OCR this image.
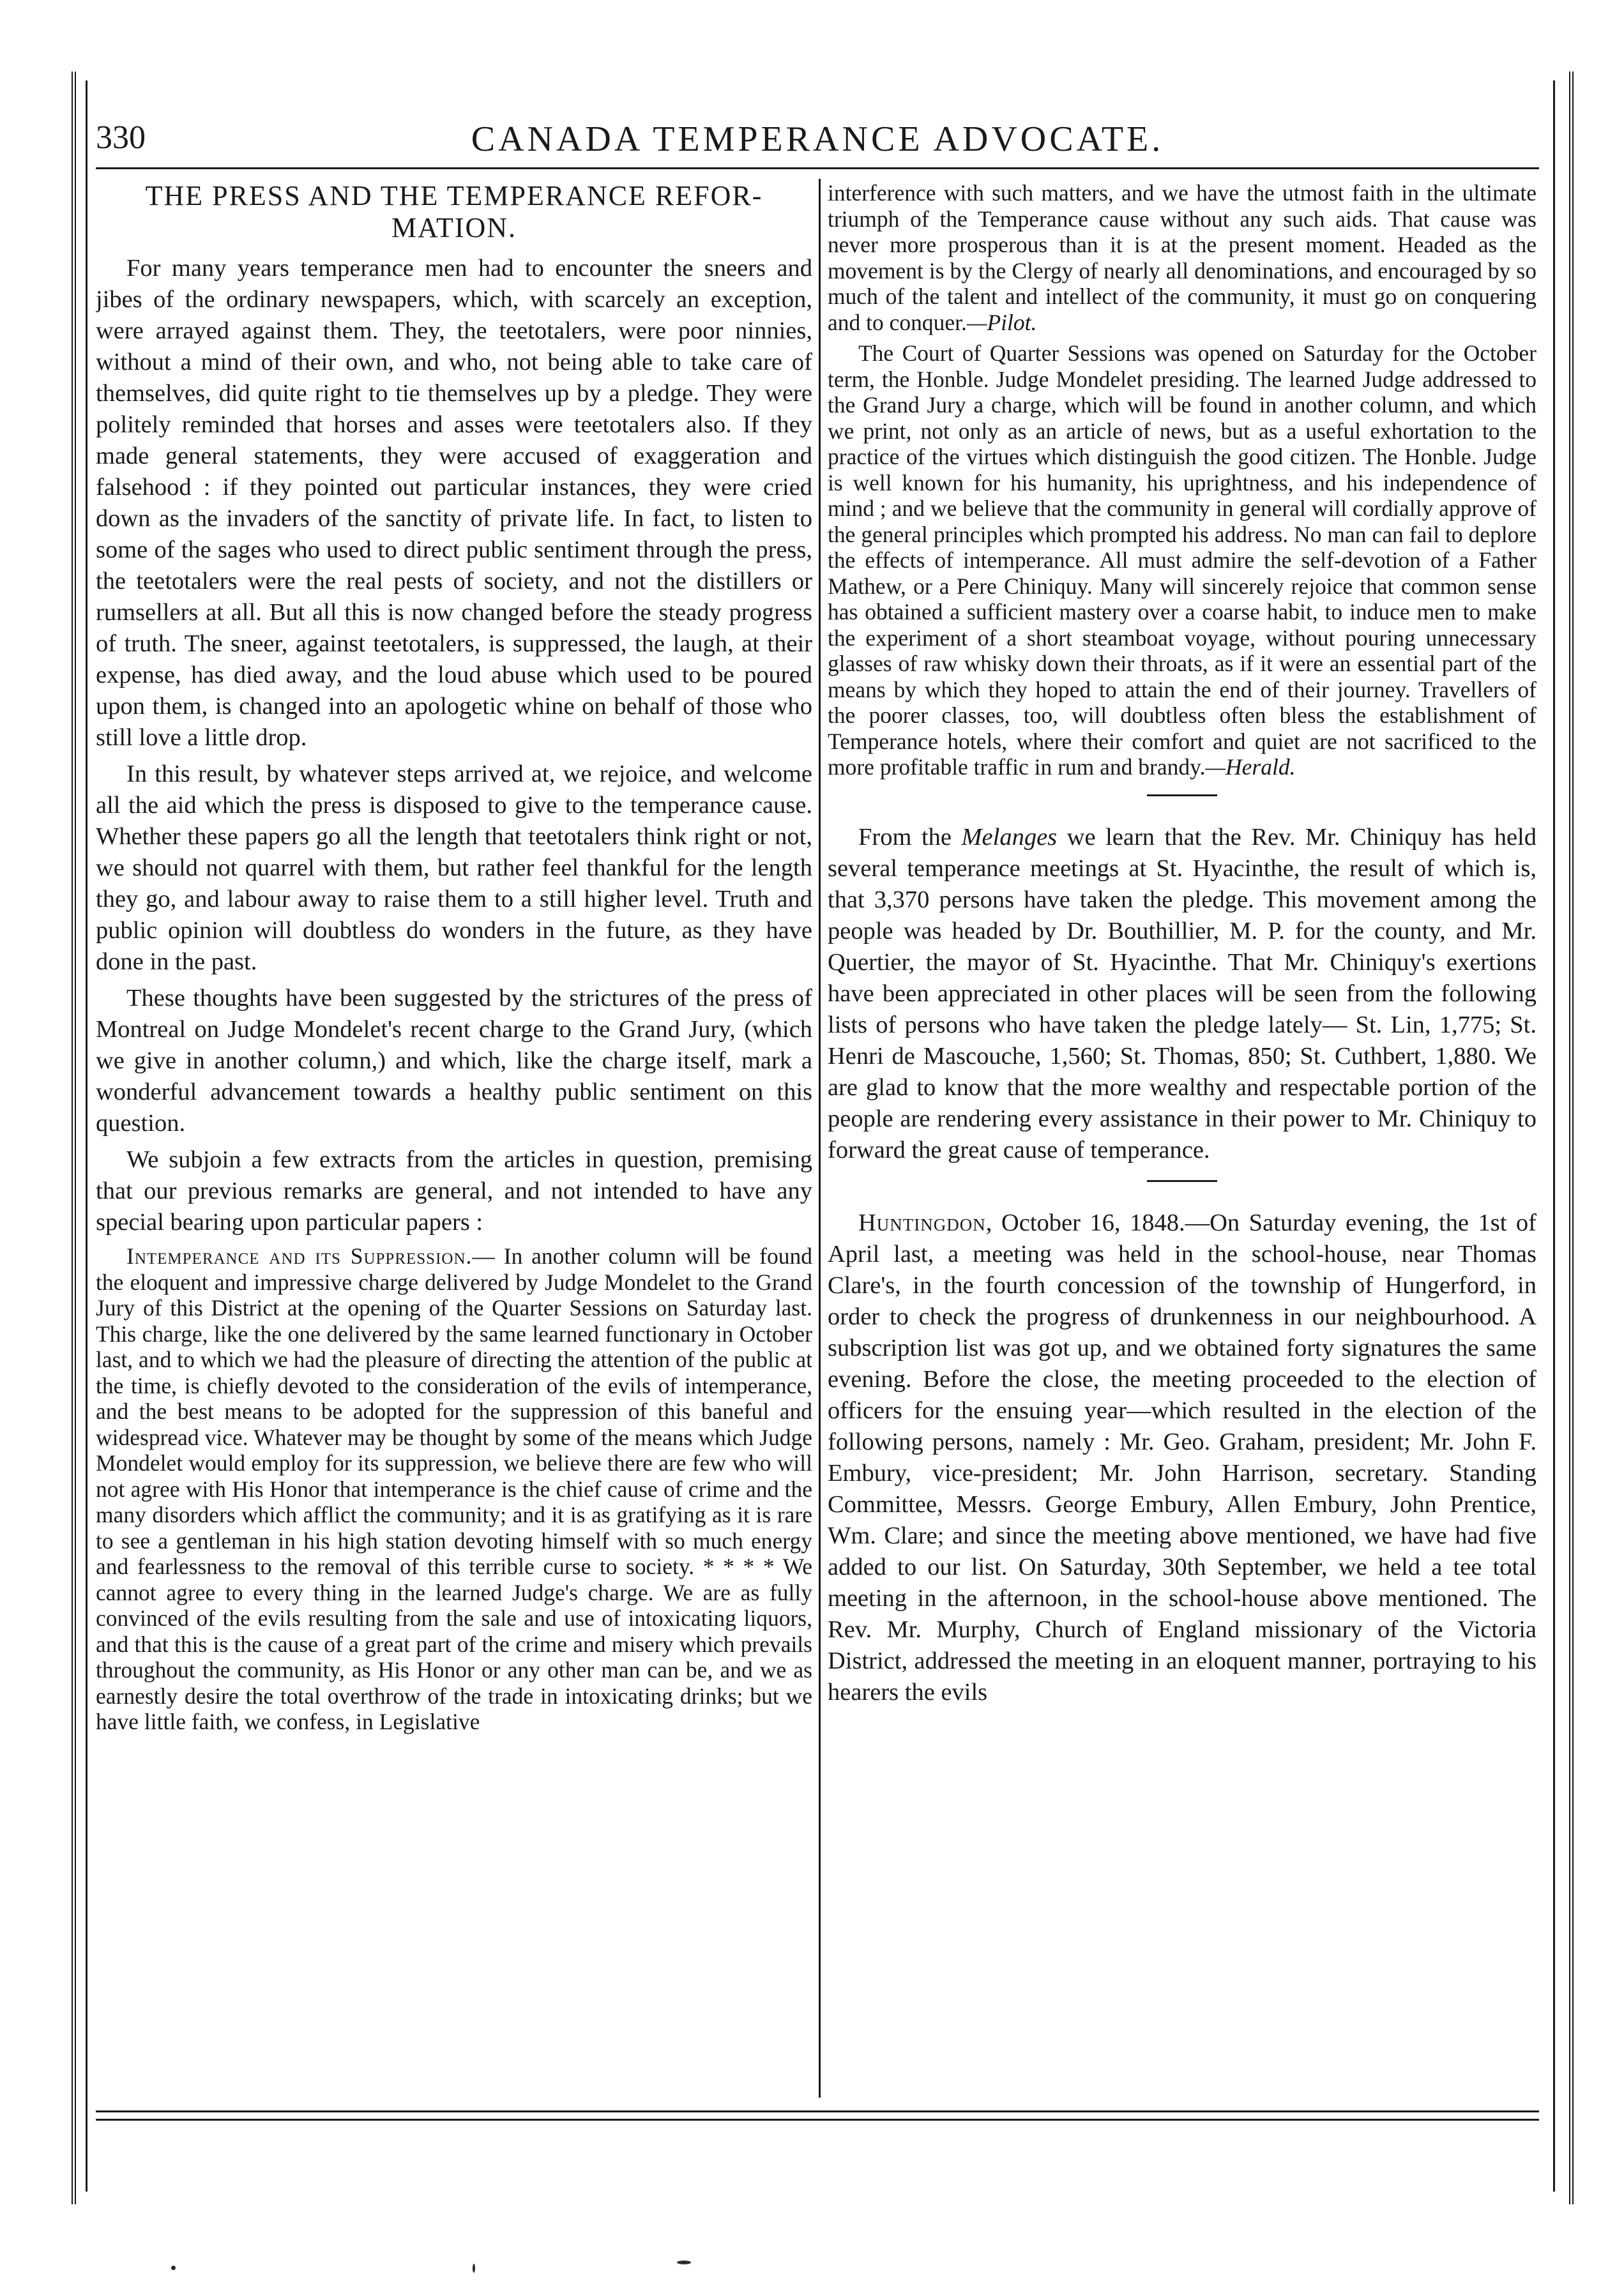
330	CANADA TEMPERANCE ADVOCATE.
THE PRESS AND THE TEMPERANCE REFOR- MATION.

For many years temperance men had to encounter the sneers and jibes of the ordinary newspapers, which, with scarcely an exception, were arrayed against them. They, the teetotalers, were poor ninnies, without a mind of their own, and who, not being able to take care of themselves, did quite right to tie themselves up by a pledge. They were politely reminded that horses and asses were teetotalers also. If they made general statements, they were accused of exaggeration and falsehood : if they pointed out particular instances, they were cried down as the invaders of the sanctity of private life. In fact, to listen to some of the sages who used to direct public sentiment through the press, the teetotalers were the real pests of society, and not the distillers or rumsellers at all. But all this is now changed before the steady progress of truth. The sneer, against teetotalers, is suppressed, the laugh, at their expense, has died away, and the loud abuse which used to be poured upon them, is changed into an apologetic whine on behalf of those who still love a little drop.

In this result, by whatever steps arrived at, we rejoice, and welcome all the aid which the press is disposed to give to the temperance cause. Whether these papers go all the length that teetotalers think right or not, we should not quarrel with them, but rather feel thankful for the length they go, and labour away to raise them to a still higher level. Truth and public opinion will doubtless do wonders in the future, as they have done in the past.

These thoughts have been suggested by the strictures of the press of Montreal on Judge Mondelet's recent charge to the Grand Jury, (which we give in another column,) and which, like the charge itself, mark a wonderful advancement towards a healthy public sentiment on this question.

We subjoin a few extracts from the articles in question, premising that our previous remarks are general, and not intended to have any special bearing upon particular papers :

Intemperance and its Suppression.— In another column will be found the eloquent and impressive charge delivered by Judge Mondelet to the Grand Jury of this District at the opening of the Quarter Sessions on Saturday last. This charge, like the one delivered by the same learned functionary in October last, and to which we had the pleasure of directing the attention of the public at the time, is chiefly devoted to the consideration of the evils of intemperance, and the best means to be adopted for the suppression of this baneful and widespread vice. Whatever may be thought by some of the means which Judge Mondelet would employ for its suppression, we believe there are few who will not agree with His Honor that intemperance is the chief cause of crime and the many disorders which afflict the community; and it is as gratifying as it is rare to see a gentleman in his high station devoting himself with so much energy and fearlessness to the removal of this terrible curse to society. * * * * We cannot agree to every thing in the learned Judge's charge. We are as fully convinced of the evils resulting from the sale and use of intoxicating liquors, and that this is the cause of a great part of the crime and misery which prevails throughout the community, as His Honor or any other man can be, and we as earnestly desire the total overthrow of the trade in intoxicating drinks; but we have little faith, we confess, in Legislative

interference with such matters, and we have the utmost faith in the ultimate triumph of the Temperance cause without any such aids. That cause was never more prosperous than it is at the present moment. Headed as the movement is by the Clergy of nearly all denominations, and encouraged by so much of the talent and intellect of the community, it must go on conquering and to conquer.—Pilot.

The Court of Quarter Sessions was opened on Saturday for the October term, the Honble. Judge Mondelet presiding. The learned Judge addressed to the Grand Jury a charge, which will be found in another column, and which we print, not only as an article of news, but as a useful exhortation to the practice of the virtues which distinguish the good citizen. The Honble. Judge is well known for his humanity, his uprightness, and his independence of mind ; and we believe that the community in general will cordially approve of the general principles which prompted his address. No man can fail to deplore the effects of intemperance. All must admire the self-devotion of a Father Mathew, or a Pere Chiniquy. Many will sincerely rejoice that common sense has obtained a sufficient mastery over a coarse habit, to induce men to make the experiment of a short steamboat voyage, without pouring unnecessary glasses of raw whisky down their throats, as if it were an essential part of the means by which they hoped to attain the end of their journey. Travellers of the poorer classes, too, will doubtless often bless the establishment of Temperance hotels, where their comfort and quiet are not sacrificed to the more profitable traffic in rum and brandy.—Herald.

From the Melanges we learn that the Rev. Mr. Chiniquy has held several temperance meetings at St. Hyacinthe, the result of which is, that 3,370 persons have taken the pledge. This movement among the people was headed by Dr. Bouthillier, M. P. for the county, and Mr. Quertier, the mayor of St. Hyacinthe. That Mr. Chiniquy's exertions have been appreciated in other places will be seen from the following lists of persons who have taken the pledge lately— St. Lin, 1,775; St. Henri de Mascouche, 1,560; St. Thomas, 850; St. Cuthbert, 1,880. We are glad to know that the more wealthy and respectable portion of the people are rendering every assistance in their power to Mr. Chiniquy to forward the great cause of temperance.

Huntingdon, October 16, 1848.—On Saturday evening, the 1st of April last, a meeting was held in the school-house, near Thomas Clare's, in the fourth concession of the township of Hungerford, in order to check the progress of drunkenness in our neighbourhood. A subscription list was got up, and we obtained forty signatures the same evening. Before the close, the meeting proceeded to the election of officers for the ensuing year—which resulted in the election of the following persons, namely : Mr. Geo. Graham, president; Mr. John F. Embury, vice-president; Mr. John Harrison, secretary. Standing Committee, Messrs. George Embury, Allen Embury, John Prentice, Wm. Clare; and since the meeting above mentioned, we have had five added to our list. On Saturday, 30th September, we held a tee total meeting in the afternoon, in the school-house above mentioned. The Rev. Mr. Murphy, Church of England missionary of the Victoria District, addressed the meeting in an eloquent manner, portraying to his hearers the evils
